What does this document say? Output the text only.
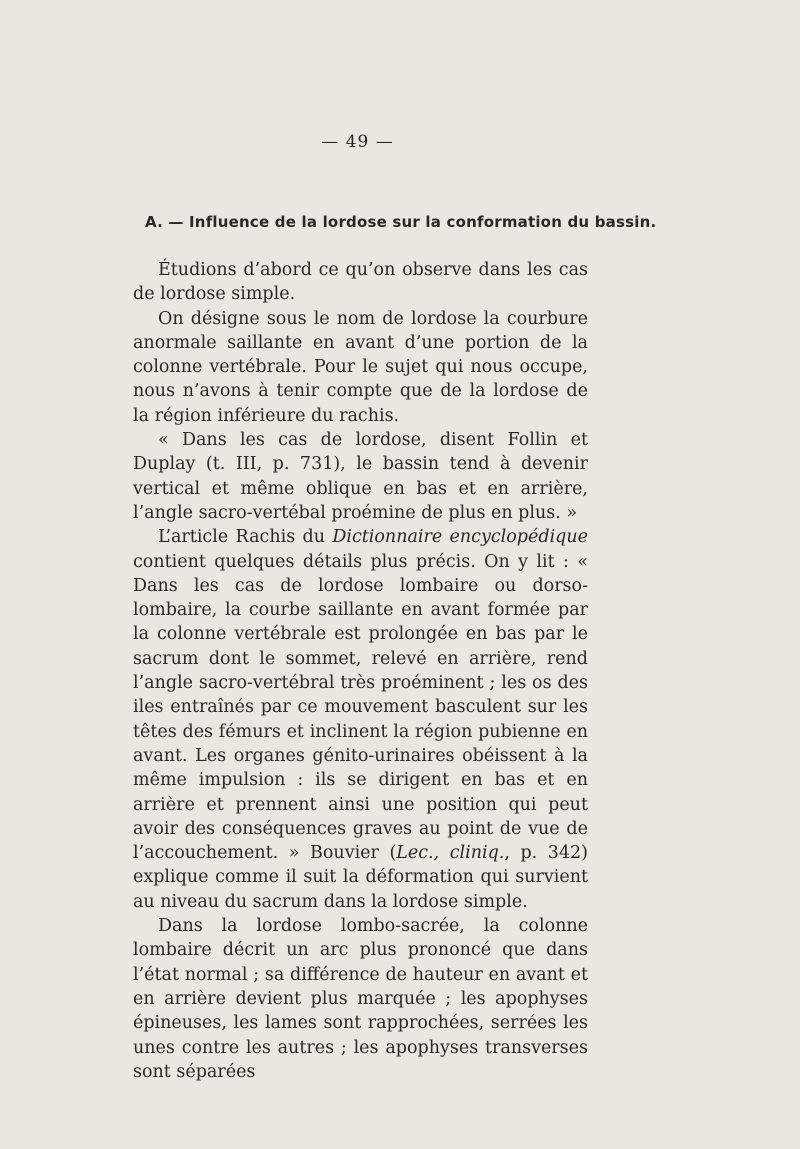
— 49 —
A. — Influence de la lordose sur la conformation du bassin.

Étudions d’abord ce qu’on observe dans les cas de lordose simple.

On désigne sous le nom de lordose la courbure anormale saillante en avant d’une portion de la colonne vertébrale. Pour le sujet qui nous occupe, nous n’avons à tenir compte que de la lordose de la région inférieure du rachis.

« Dans les cas de lordose, disent Follin et Duplay (t. III, p. 731), le bassin tend à devenir vertical et même oblique en bas et en arrière, l’angle sacro-vertébal proémine de plus en plus. »

L’article Rachis du Dictionnaire encyclopédique contient quelques détails plus précis. On y lit : « Dans les cas de lordose lombaire ou dorso-lombaire, la courbe saillante en avant formée par la colonne vertébrale est prolongée en bas par le sacrum dont le sommet, relevé en arrière, rend l’angle sacro-vertébral très proéminent ; les os des iles entraînés par ce mouvement basculent sur les têtes des fémurs et inclinent la région pubienne en avant. Les organes génito-urinaires obéissent à la même impulsion : ils se dirigent en bas et en arrière et prennent ainsi une position qui peut avoir des conséquences graves au point de vue de l’accouchement. » Bouvier (Lec., cliniq., p. 342) explique comme il suit la déformation qui survient au niveau du sacrum dans la lordose simple.

Dans la lordose lombo-sacrée, la colonne lombaire décrit un arc plus prononcé que dans l’état normal ; sa différence de hauteur en avant et en arrière devient plus marquée ; les apophyses épineuses, les lames sont rapprochées, serrées les unes contre les autres ; les apophyses transverses sont séparées
